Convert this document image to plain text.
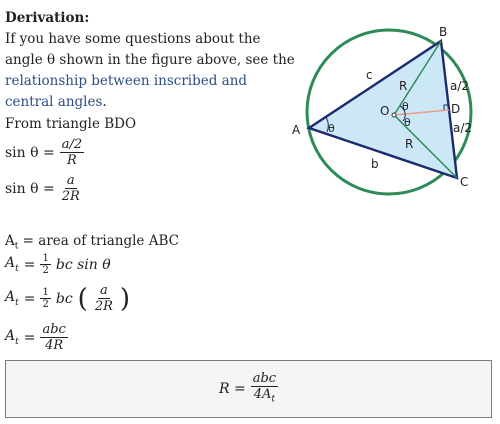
Derivation:
If you have some questions about the angle θ shown in the figure above, see the relationship between inscribed and central angles.
A
B
C
D
O
c
b
a/2
a/2
R
R
θ
θ
θ
From triangle BDO
$\sin \theta = \frac{a/2}{R}$
$\sin \theta = \frac{a}{2R}$
$A_t$ = area of triangle ABC
$A_t = \frac{1}{2}$ bc sin θ
$A_t = \frac{1}{2}$ bc ( $\frac{a}{2R}$ )
$A_t = \frac{\text{abc}}{4R}$
$R = \frac{\text{abc}}{4A_t}$
